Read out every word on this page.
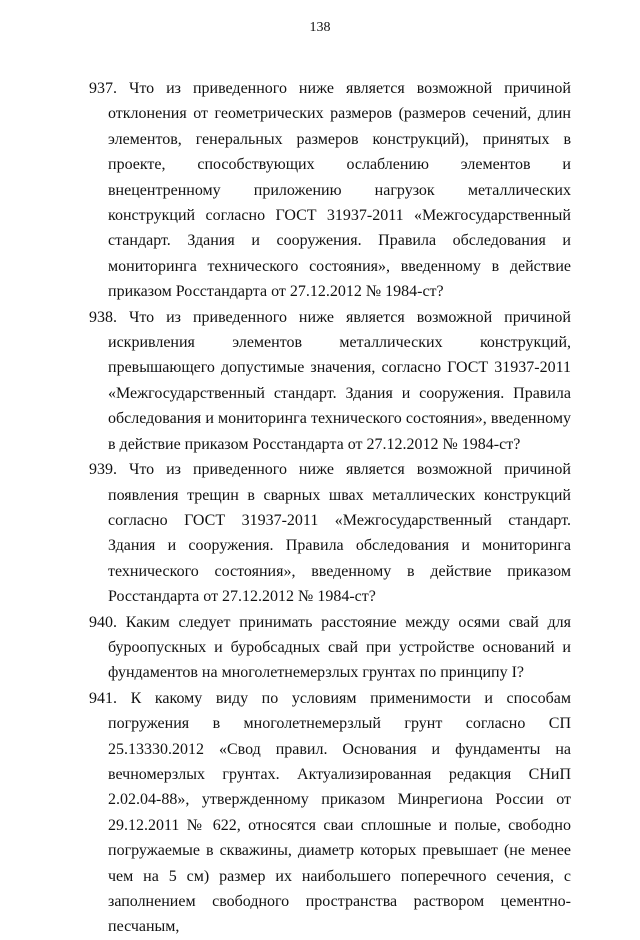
138
937. Что из приведенного ниже является возможной причиной отклонения от геометрических размеров (размеров сечений, длин элементов, генеральных размеров конструкций), принятых в проекте, способствующих ослаблению элементов и внецентренному приложению нагрузок металлических конструкций согласно ГОСТ 31937-2011 «Межгосударственный стандарт. Здания и сооружения. Правила обследования и мониторинга технического состояния», введенному в действие приказом Росстандарта от 27.12.2012 № 1984-ст?
938. Что из приведенного ниже является возможной причиной искривления элементов металлических конструкций, превышающего допустимые значения, согласно ГОСТ 31937-2011 «Межгосударственный стандарт. Здания и сооружения. Правила обследования и мониторинга технического состояния», введенному в действие приказом Росстандарта от 27.12.2012 № 1984-ст?
939. Что из приведенного ниже является возможной причиной появления трещин в сварных швах металлических конструкций согласно ГОСТ 31937-2011 «Межгосударственный стандарт. Здания и сооружения. Правила обследования и мониторинга технического состояния», введенному в действие приказом Росстандарта от 27.12.2012 № 1984-ст?
940. Каким следует принимать расстояние между осями свай для буроопускных и буробсадных свай при устройстве оснований и фундаментов на многолетнемерзлых грунтах по принципу I?
941. К какому виду по условиям применимости и способам погружения в многолетнемерзлый грунт согласно СП 25.13330.2012 «Свод правил. Основания и фундаменты на вечномерзлых грунтах. Актуализированная редакция СНиП 2.02.04-88», утвержденному приказом Минрегиона России от 29.12.2011 № 622, относятся сваи сплошные и полые, свободно погружаемые в скважины, диаметр которых превышает (не менее чем на 5 см) размер их наибольшего поперечного сечения, с заполнением свободного пространства раствором цементно-песчаным,
